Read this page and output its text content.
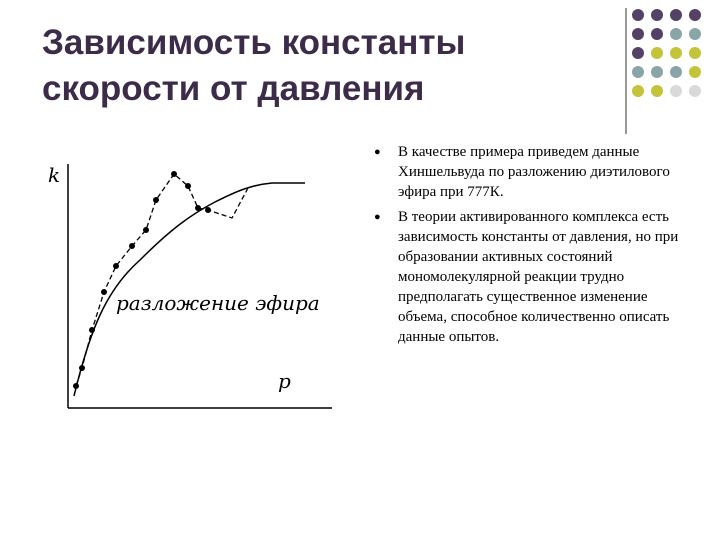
Зависимость константы
скорости от давления
k
p
разложение эфира
● В качестве примера приведем данные Хиншельвуда по разложению диэтилового эфира при 777К.
● В теории активированного комплекса есть зависимость константы от давления, но при образовании активных состояний мономолекулярной реакции трудно предполагать существенное изменение объема, способное количественно описать данные опытов.
